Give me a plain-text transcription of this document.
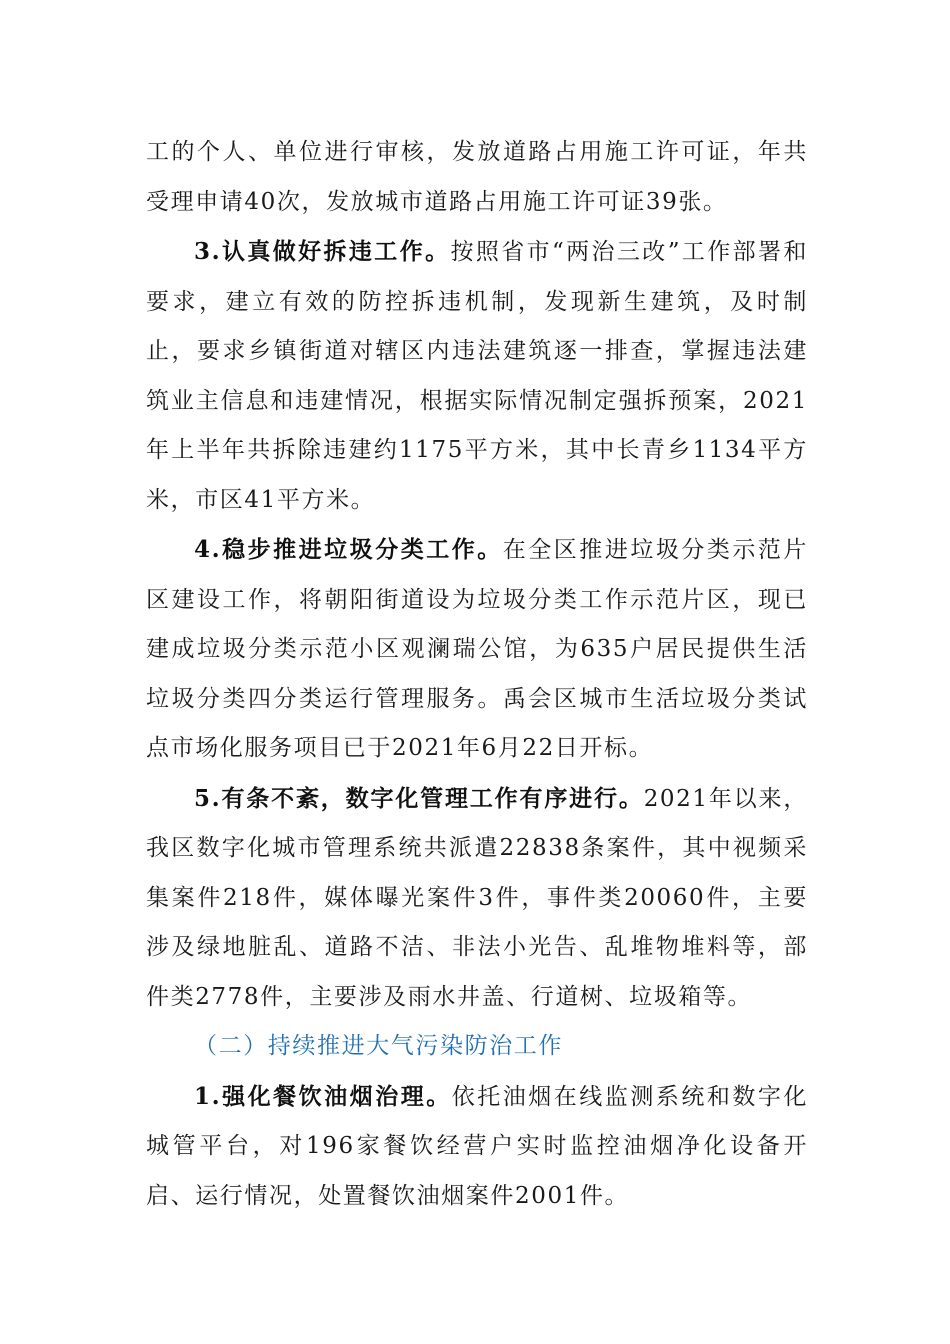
工的个人、单位进行审核，发放道路占用施工许可证，年共受理申请40次，发放城市道路占用施工许可证39张。

3.认真做好拆违工作。按照省市“两治三改”工作部署和要求，建立有效的防控拆违机制，发现新生建筑，及时制止，要求乡镇街道对辖区内违法建筑逐一排查，掌握违法建筑业主信息和违建情况，根据实际情况制定强拆预案，2021年上半年共拆除违建约1175平方米，其中长青乡1134平方米，市区41平方米。

4.稳步推进垃圾分类工作。在全区推进垃圾分类示范片区建设工作，将朝阳街道设为垃圾分类工作示范片区，现已建成垃圾分类示范小区观澜瑞公馆，为635户居民提供生活垃圾分类四分类运行管理服务。禹会区城市生活垃圾分类试点市场化服务项目已于2021年6月22日开标。

5.有条不紊，数字化管理工作有序进行。2021年以来，我区数字化城市管理系统共派遣22838条案件，其中视频采集案件218件，媒体曝光案件3件，事件类20060件，主要涉及绿地脏乱、道路不洁、非法小光告、乱堆物堆料等，部件类2778件，主要涉及雨水井盖、行道树、垃圾箱等。

（二）持续推进大气污染防治工作

1.强化餐饮油烟治理。依托油烟在线监测系统和数字化城管平台，对196家餐饮经营户实时监控油烟净化设备开启、运行情况，处置餐饮油烟案件2001件。
